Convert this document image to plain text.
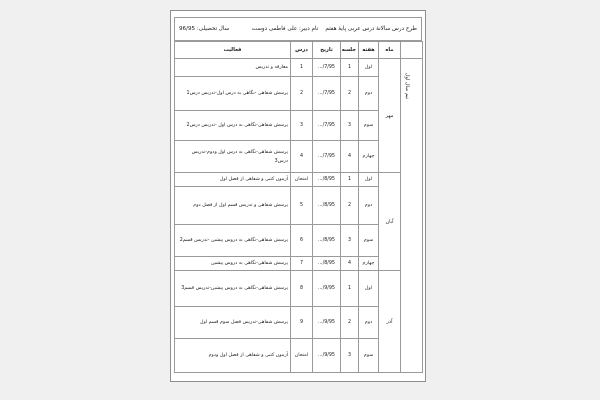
طرح درس سالانهٔ درس عربی پایهٔ هفتم    نام دبیر: علی فاطمی دوست
سال تحصیلی: 96/95
	ماه	هفته	جلسه	تاریخ	درس	فعالیت
نیم سال اول	مهر	اول	1	7/95/...	1	معارفه و تدریس
		دوم	2	7/95/...	2	پرسش شفاهی -نگاهی به درس اول-تدریس درس1
		سوم	3	7/95/...	3	پرسش شفاهی-نگاهی به درس اول -تدریس درس2
		چهارم	4	7/95/...	4	پرسش شفاهی-نگاهی به درس اول ودوم-تدریس درس3
	آبان	اول	1	8/95/...	امتحان	آزمون کتبی و شفاهی از فصل اول
		دوم	2	8/95/...	5	پرسش شفاهی و تدریس قسم اول از فصل دوم
		سوم	3	8/95/...	6	پرسش شفاهی-نگاهی به دروس پیشین -تدریس قسم2
		چهارم	4	8/95/...	7	پرسش شفاهی-نگاهی به دروس پیشین
	آذر	اول	1	9/95/...	8	پرسش شفاهی-نگاهی به دروس پیشین-تدریس قسم3
		دوم	2	9/95/...	9	پرسش شفاهی-تدریس فصل سوم قسم اول
		سوم	3	9/95/...	امتحان	آزمون کتبی و شفاهی از فصل اول ودوم
